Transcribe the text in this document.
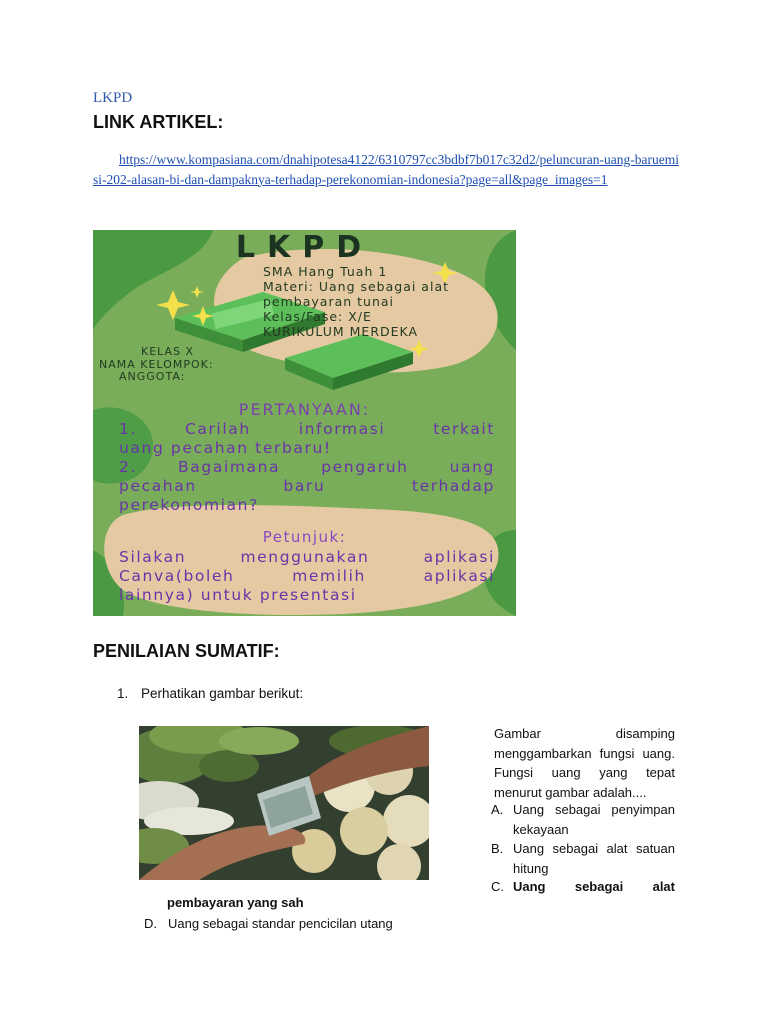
LKPD
LINK ARTIKEL:
https://www.kompasiana.com/dnahipotesa4122/6310797cc3bdbf7b017c32d2/peluncuran-uang-baruemisi-202-alasan-bi-dan-dampaknya-terhadap-perekonomian-indonesia?page=all&page_images=1
LKPD
SMA Hang Tuah 1
Materi: Uang sebagai alat
pembayaran tunai
Kelas/Fase: X/E
KURIKULUM MERDEKA
KELAS X
NAMA KELOMPOK:
ANGGOTA:
PERTANYAAN:
1. Carilah informasi terkait
uang pecahan terbaru!
2. Bagaimana pengaruh uang
pecahan baru terhadap
perekonomian?
Petunjuk:
Silakan menggunakan aplikasi
Canva(boleh memilih aplikasi
lainnya) untuk presentasi
PENILAIAN SUMATIF:
1. Perhatikan gambar berikut:
Gambar disamping menggambarkan fungsi uang. Fungsi uang yang tepat menurut gambar adalah....
A. Uang sebagai penyimpan kekayaan
B. Uang sebagai alat satuan hitung
C. Uang sebagai alat
pembayaran yang sah
D. Uang sebagai standar pencicilan utang
